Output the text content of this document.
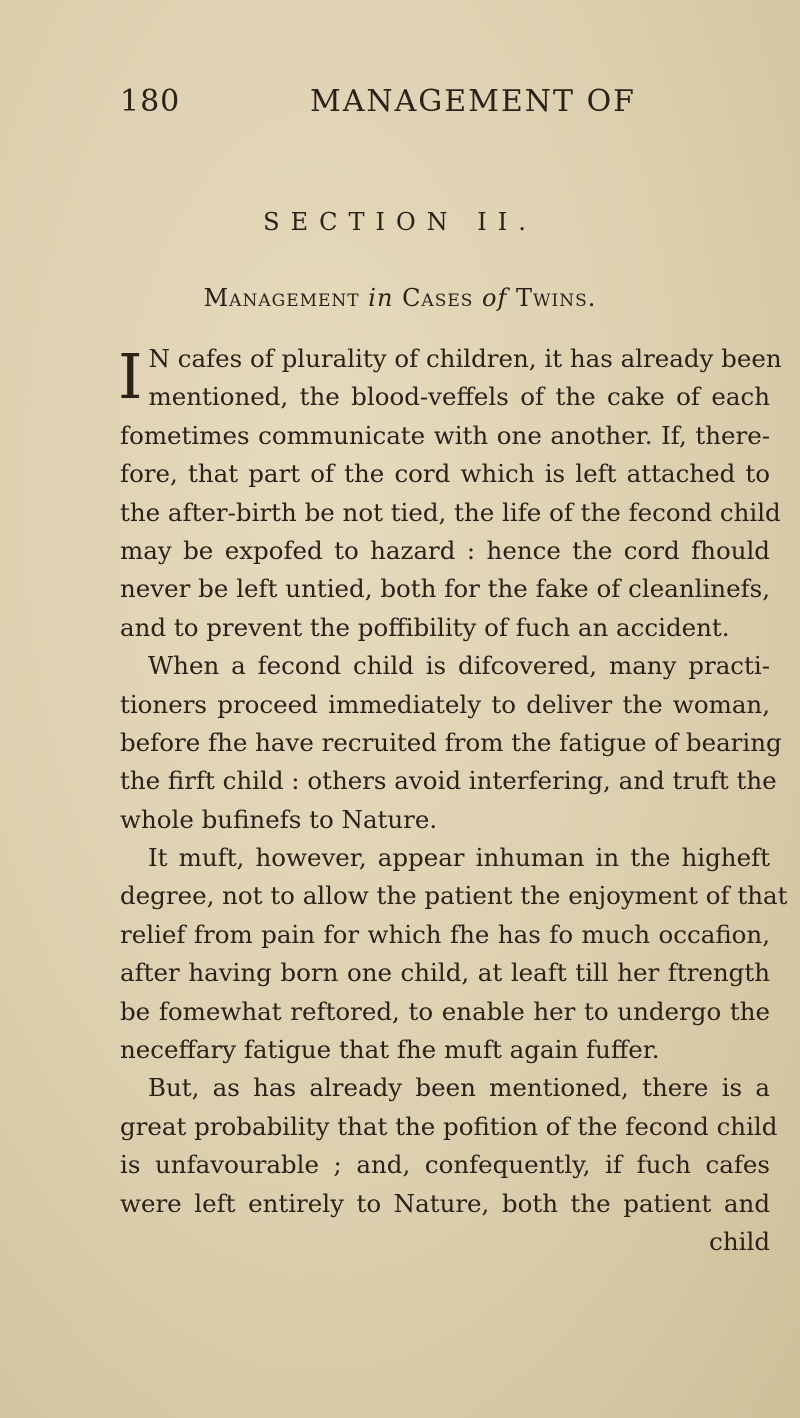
180	MANAGEMENT OF
SECTION II.
Management in Cases of Twins.
I N cafes of plurality of children, it has already been
mentioned, the blood-veffels of the cake of each
fometimes communicate with one another. If, there-
fore, that part of the cord which is left attached to
the after-birth be not tied, the life of the fecond child
may be expofed to hazard : hence the cord fhould
never be left untied, both for the fake of cleanlinefs,
and to prevent the poffibility of fuch an accident.
When a fecond child is difcovered, many practi-
tioners proceed immediately to deliver the woman,
before fhe have recruited from the fatigue of bearing
the firft child : others avoid interfering, and truft the
whole bufinefs to Nature.
It muft, however, appear inhuman in the higheft
degree, not to allow the patient the enjoyment of that
relief from pain for which fhe has fo much occafion,
after having born one child, at leaft till her ftrength
be fomewhat reftored, to enable her to undergo the
neceffary fatigue that fhe muft again fuffer.
But, as has already been mentioned, there is a
great probability that the pofition of the fecond child
is unfavourable ; and, confequently, if fuch cafes
were left entirely to Nature, both the patient and
child
